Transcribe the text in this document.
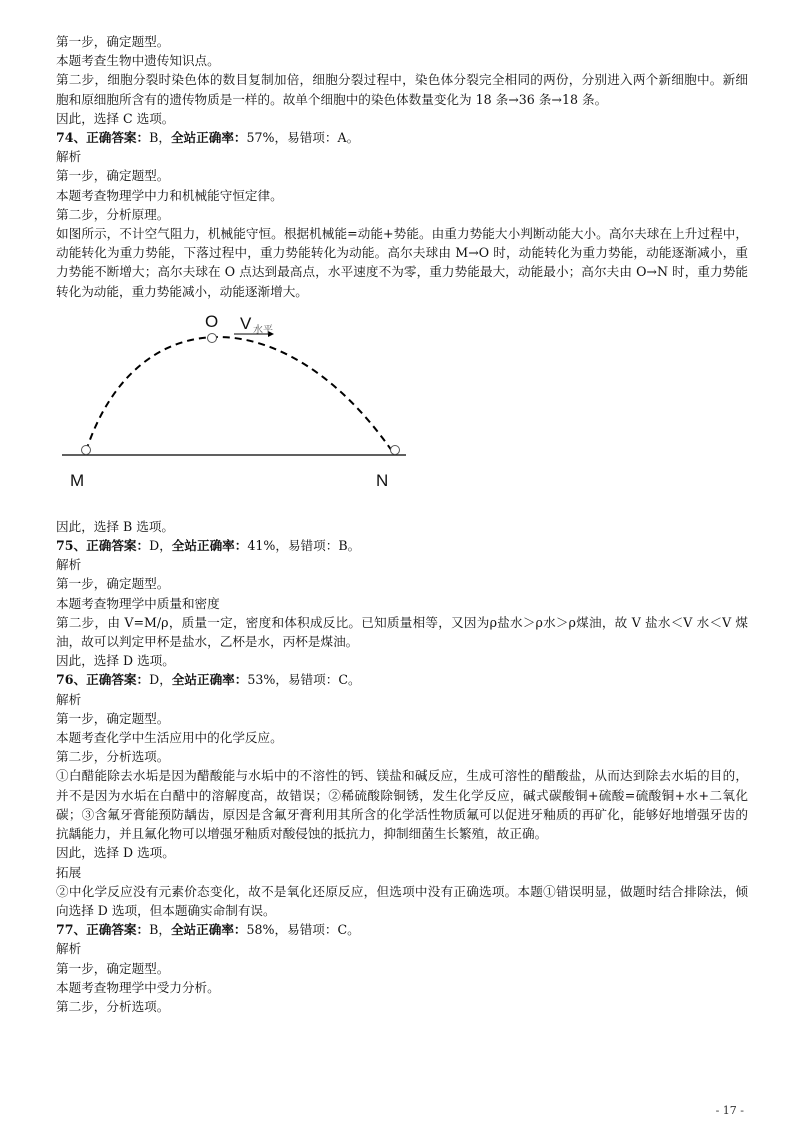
第一步，确定题型。

本题考查生物中遗传知识点。

第二步，细胞分裂时染色体的数目复制加倍，细胞分裂过程中，染色体分裂完全相同的两份，分别进入两个新细胞中。新细胞和原细胞所含有的遗传物质是一样的。故单个细胞中的染色体数量变化为 18 条→36 条→18 条。

因此，选择 C 选项。

74、正确答案：B，全站正确率：57%，易错项：A。

解析

第一步，确定题型。

本题考查物理学中力和机械能守恒定律。

第二步，分析原理。

如图所示，不计空气阻力，机械能守恒。根据机械能=动能+势能。由重力势能大小判断动能大小。高尔夫球在上升过程中，动能转化为重力势能，下落过程中，重力势能转化为动能。高尔夫球由 M→O 时，动能转化为重力势能，动能逐渐减小，重力势能不断增大；高尔夫球在 O 点达到最高点，水平速度不为零，重力势能最大，动能最小；高尔夫由 O→N 时，重力势能转化为动能，重力势能减小，动能逐渐增大。

O V 水平
M	N

因此，选择 B 选项。

75、正确答案：D，全站正确率：41%，易错项：B。

解析

第一步，确定题型。

本题考查物理学中质量和密度

第二步，由 V=M/ρ，质量一定，密度和体积成反比。已知质量相等，又因为ρ盐水＞ρ水＞ρ煤油，故 V 盐水＜V 水＜V 煤油，故可以判定甲杯是盐水，乙杯是水，丙杯是煤油。

因此，选择 D 选项。

76、正确答案：D，全站正确率：53%，易错项：C。

解析

第一步，确定题型。

本题考查化学中生活应用中的化学反应。

第二步，分析选项。

①白醋能除去水垢是因为醋酸能与水垢中的不溶性的钙、镁盐和碱反应，生成可溶性的醋酸盐，从而达到除去水垢的目的，并不是因为水垢在白醋中的溶解度高，故错误；②稀硫酸除铜锈，发生化学反应，碱式碳酸铜+硫酸=硫酸铜+水+二氧化碳；③含氟牙膏能预防龋齿，原因是含氟牙膏利用其所含的化学活性物质氟可以促进牙釉质的再矿化，能够好地增强牙齿的抗龋能力，并且氟化物可以增强牙釉质对酸侵蚀的抵抗力，抑制细菌生长繁殖，故正确。

因此，选择 D 选项。

拓展

②中化学反应没有元素价态变化，故不是氧化还原反应，但选项中没有正确选项。本题①错误明显，做题时结合排除法，倾向选择 D 选项，但本题确实命制有误。

77、正确答案：B，全站正确率：58%，易错项：C。

解析

第一步，确定题型。

本题考查物理学中受力分析。

第二步，分析选项。

- 17 -
